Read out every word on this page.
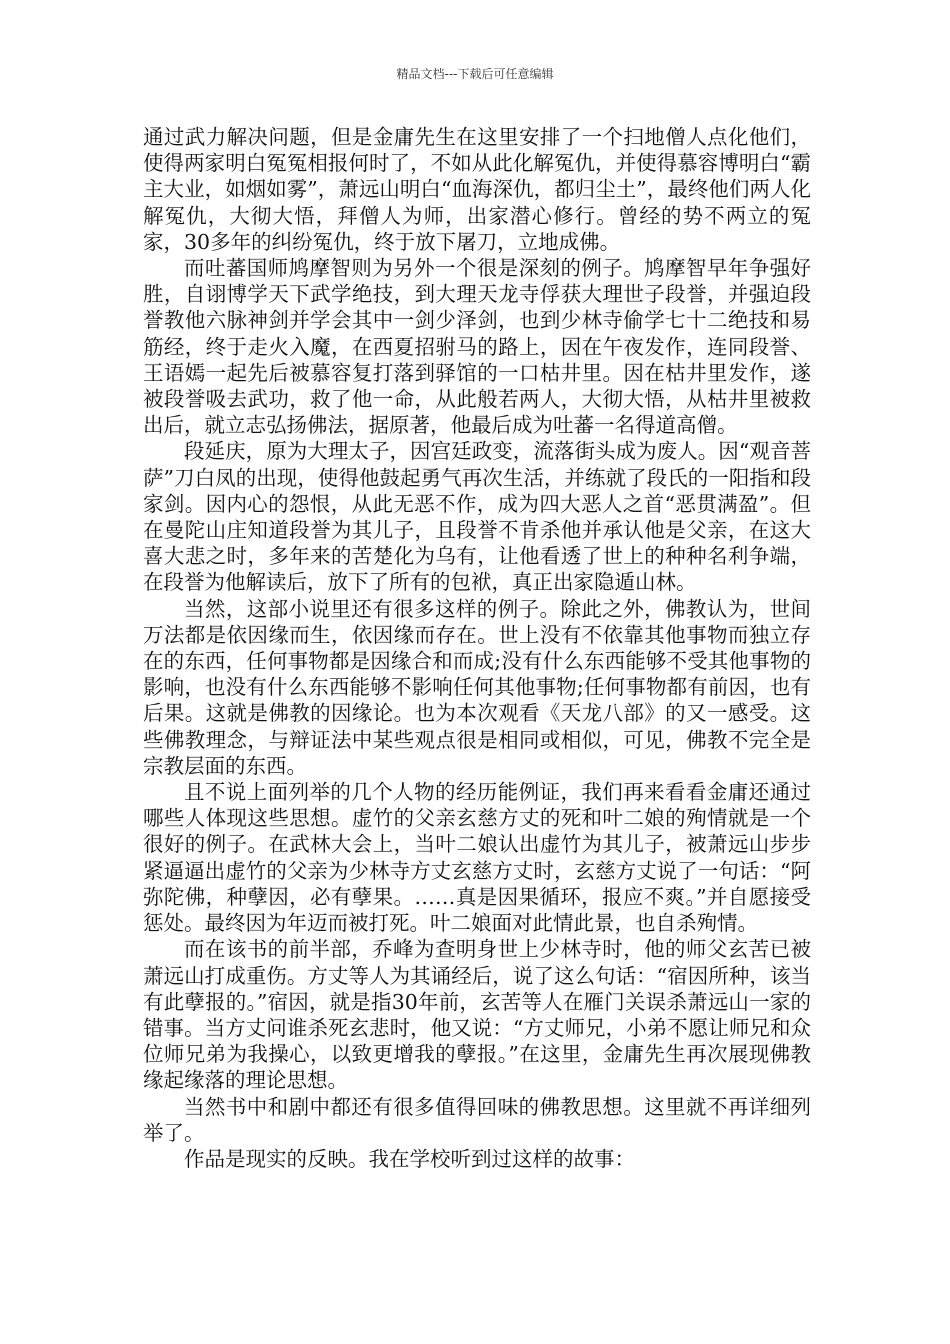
精品文档---下载后可任意编辑

通过武力解决问题，但是金庸先生在这里安排了一个扫地僧人点化他们，使得两家明白冤冤相报何时了，不如从此化解冤仇，并使得慕容博明白“霸主大业，如烟如雾”，萧远山明白“血海深仇，都归尘土”，最终他们两人化解冤仇，大彻大悟，拜僧人为师，出家潜心修行。曾经的势不两立的冤家，30多年的纠纷冤仇，终于放下屠刀，立地成佛。

而吐蕃国师鸠摩智则为另外一个很是深刻的例子。鸠摩智早年争强好胜，自诩博学天下武学绝技，到大理天龙寺俘获大理世子段誉，并强迫段誉教他六脉神剑并学会其中一剑少泽剑，也到少林寺偷学七十二绝技和易筋经，终于走火入魔，在西夏招驸马的路上，因在午夜发作，连同段誉、王语嫣一起先后被慕容复打落到驿馆的一口枯井里。因在枯井里发作，遂被段誉吸去武功，救了他一命，从此般若两人，大彻大悟，从枯井里被救出后，就立志弘扬佛法，据原著，他最后成为吐蕃一名得道高僧。

段延庆，原为大理太子，因宫廷政变，流落街头成为废人。因“观音菩萨”刀白凤的出现，使得他鼓起勇气再次生活，并练就了段氏的一阳指和段家剑。因内心的怨恨，从此无恶不作，成为四大恶人之首“恶贯满盈”。但在曼陀山庄知道段誉为其儿子，且段誉不肯杀他并承认他是父亲，在这大喜大悲之时，多年来的苦楚化为乌有，让他看透了世上的种种名利争端，在段誉为他解读后，放下了所有的包袱，真正出家隐遁山林。

当然，这部小说里还有很多这样的例子。除此之外，佛教认为，世间万法都是依因缘而生，依因缘而存在。世上没有不依靠其他事物而独立存在的东西，任何事物都是因缘合和而成;没有什么东西能够不受其他事物的影响，也没有什么东西能够不影响任何其他事物;任何事物都有前因，也有后果。这就是佛教的因缘论。也为本次观看《天龙八部》的又一感受。这些佛教理念，与辩证法中某些观点很是相同或相似，可见，佛教不完全是宗教层面的东西。

且不说上面列举的几个人物的经历能例证，我们再来看看金庸还通过哪些人体现这些思想。虚竹的父亲玄慈方丈的死和叶二娘的殉情就是一个很好的例子。在武林大会上，当叶二娘认出虚竹为其儿子，被萧远山步步紧逼逼出虚竹的父亲为少林寺方丈玄慈方丈时，玄慈方丈说了一句话：“阿弥陀佛，种孽因，必有孽果。……真是因果循环，报应不爽。”并自愿接受惩处。最终因为年迈而被打死。叶二娘面对此情此景，也自杀殉情。

而在该书的前半部，乔峰为查明身世上少林寺时，他的师父玄苦已被萧远山打成重伤。方丈等人为其诵经后，说了这么句话：“宿因所种，该当有此孽报的。”宿因，就是指30年前，玄苦等人在雁门关误杀萧远山一家的错事。当方丈问谁杀死玄悲时，他又说：“方丈师兄，小弟不愿让师兄和众位师兄弟为我操心，以致更增我的孽报。”在这里，金庸先生再次展现佛教缘起缘落的理论思想。

当然书中和剧中都还有很多值得回味的佛教思想。这里就不再详细列举了。

作品是现实的反映。我在学校听到过这样的故事：
